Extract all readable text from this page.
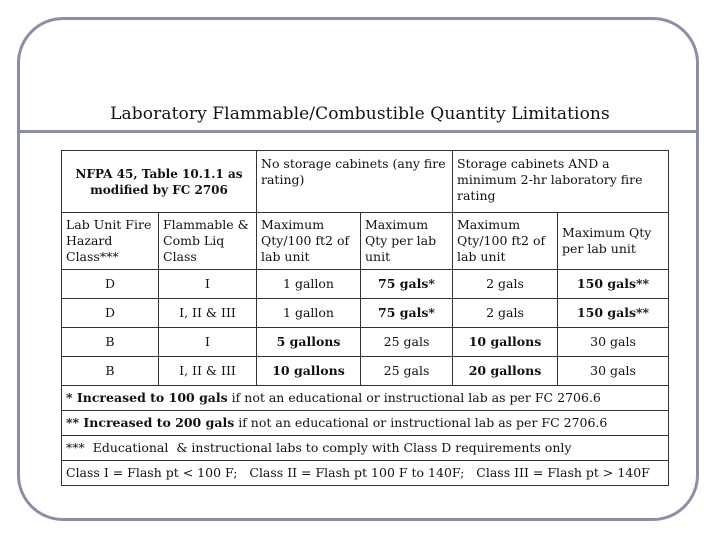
Laboratory Flammable/Combustible Quantity Limitations
NFPA 45, Table 10.1.1 as modified by FC 2706		No storage cabinets (any fire rating)		Storage cabinets AND a minimum 2-hr laboratory fire rating	
Lab Unit Fire Hazard Class***	Flammable & Comb Liq Class	Maximum Qty/100 ft2 of lab unit	Maximum Qty per lab unit	Maximum Qty/100 ft2 of lab unit	Maximum Qty per lab unit
D	I	1 gallon	75 gals*	2 gals	150 gals**
D	I, II & III	1 gallon	75 gals*	2 gals	150 gals**
B	I	5 gallons	25 gals	10 gallons	30 gals
B	I, II & III	10 gallons	25 gals	20 gallons	30 gals
* Increased to 100 gals if not an educational or instructional lab as per FC 2706.6					
** Increased to 200 gals if not an educational or instructional lab as per FC 2706.6					
***  Educational  & instructional labs to comply with Class D requirements only					
Class I = Flash pt < 100 F;   Class II = Flash pt 100 F to 140F;   Class III = Flash pt > 140F					
